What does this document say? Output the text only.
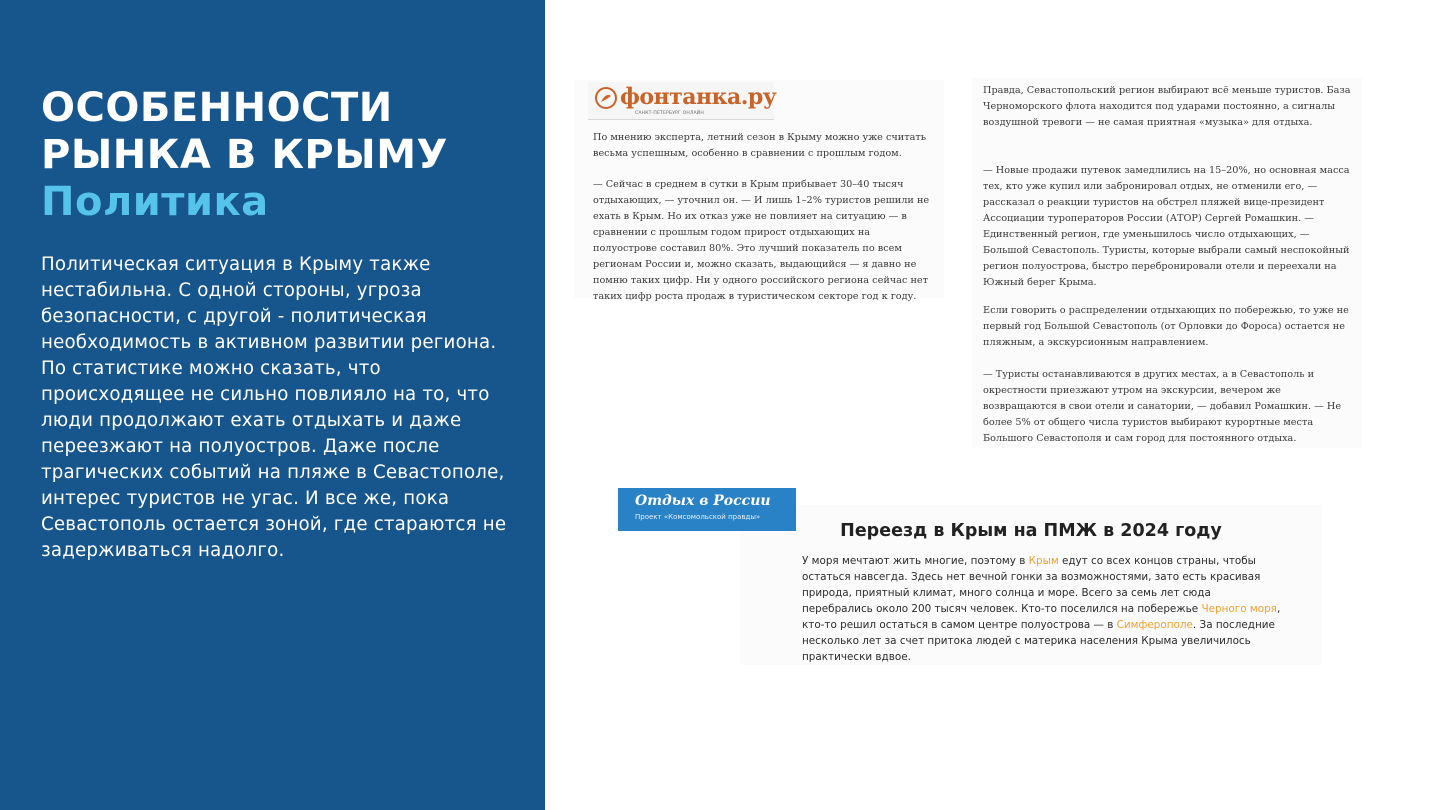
ОСОБЕННОСТИ
РЫНКА В КРЫМУ
Политика

Политическая ситуация в Крыму также нестабильна. С одной стороны, угроза безопасности, с другой - политическая необходимость в активном развитии региона. По статистике можно сказать, что происходящее не сильно повлияло на то, что люди продолжают ехать отдыхать и даже переезжают на полуостров. Даже после трагических событий на пляже в Севастополе, интерес туристов не угас. И все же, пока Севастополь остается зоной, где стараются не задерживаться надолго.

фонтанка.ру
САНКТ-ПЕТЕРБУРГ ОНЛАЙН

По мнению эксперта, летний сезон в Крыму можно уже считать весьма успешным, особенно в сравнении с прошлым годом.

— Сейчас в среднем в сутки в Крым прибывает 30–40 тысяч отдыхающих, — уточнил он. — И лишь 1–2% туристов решили не ехать в Крым. Но их отказ уже не повлияет на ситуацию — в сравнении с прошлым годом прирост отдыхающих на полуострове составил 80%. Это лучший показатель по всем регионам России и, можно сказать, выдающийся — я давно не помню таких цифр. Ни у одного российского региона сейчас нет таких цифр роста продаж в туристическом секторе год к году.

Правда, Севастопольский регион выбирают всё меньше туристов. База Черноморского флота находится под ударами постоянно, а сигналы воздушной тревоги — не самая приятная «музыка» для отдыха.

— Новые продажи путевок замедлились на 15–20%, но основная масса тех, кто уже купил или забронировал отдых, не отменили его, — рассказал о реакции туристов на обстрел пляжей вице-президент Ассоциации туроператоров России (АТОР) Сергей Ромашкин. — Единственный регион, где уменьшилось число отдыхающих, — Большой Севастополь. Туристы, которые выбрали самый неспокойный регион полуострова, быстро перебронировали отели и переехали на Южный берег Крыма.

Если говорить о распределении отдыхающих по побережью, то уже не первый год Большой Севастополь (от Орловки до Фороса) остается не пляжным, а экскурсионным направлением.

— Туристы останавливаются в других местах, а в Севастополь и окрестности приезжают утром на экскурсии, вечером же возвращаются в свои отели и санатории, — добавил Ромашкин. — Не более 5% от общего числа туристов выбирают курортные места Большого Севастополя и сам город для постоянного отдыха.

Переезд в Крым на ПМЖ в 2024 году

У моря мечтают жить многие, поэтому в Крым едут со всех концов страны, чтобы остаться навсегда. Здесь нет вечной гонки за возможностями, зато есть красивая природа, приятный климат, много солнца и море. Всего за семь лет сюда перебрались около 200 тысяч человек. Кто-то поселился на побережье Черного моря, кто-то решил остаться в самом центре полуострова — в Симферополе. За последние несколько лет за счет притока людей с материка населения Крыма увеличилось практически вдвое.

Отдых в России
Проект «Комсомольской правды»
